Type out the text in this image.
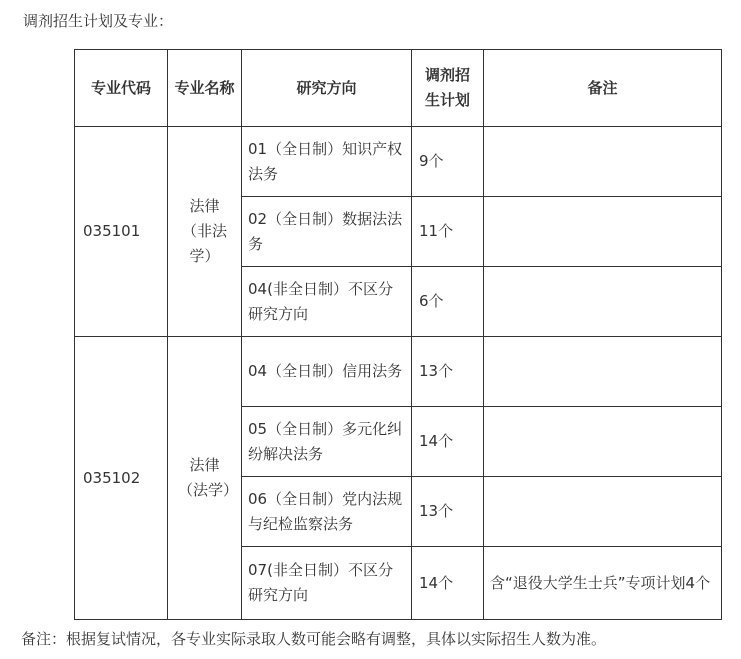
调剂招生计划及专业：
专业代码	专业名称	研究方向	调剂招生计划	备注
035101	法律（非法学）	01（全日制）知识产权法务	9个	
		02（全日制）数据法法务	11个	
		04(非全日制）不区分研究方向	6个	
035102	法律（法学）	04（全日制）信用法务	13个	
		05（全日制）多元化纠纷解决法务	14个	
		06（全日制）党内法规与纪检监察法务	13个	
		07(非全日制）不区分研究方向	14个	含“退役大学生士兵”专项计划4个
备注：根据复试情况，各专业实际录取人数可能会略有调整，具体以实际招生人数为准。
